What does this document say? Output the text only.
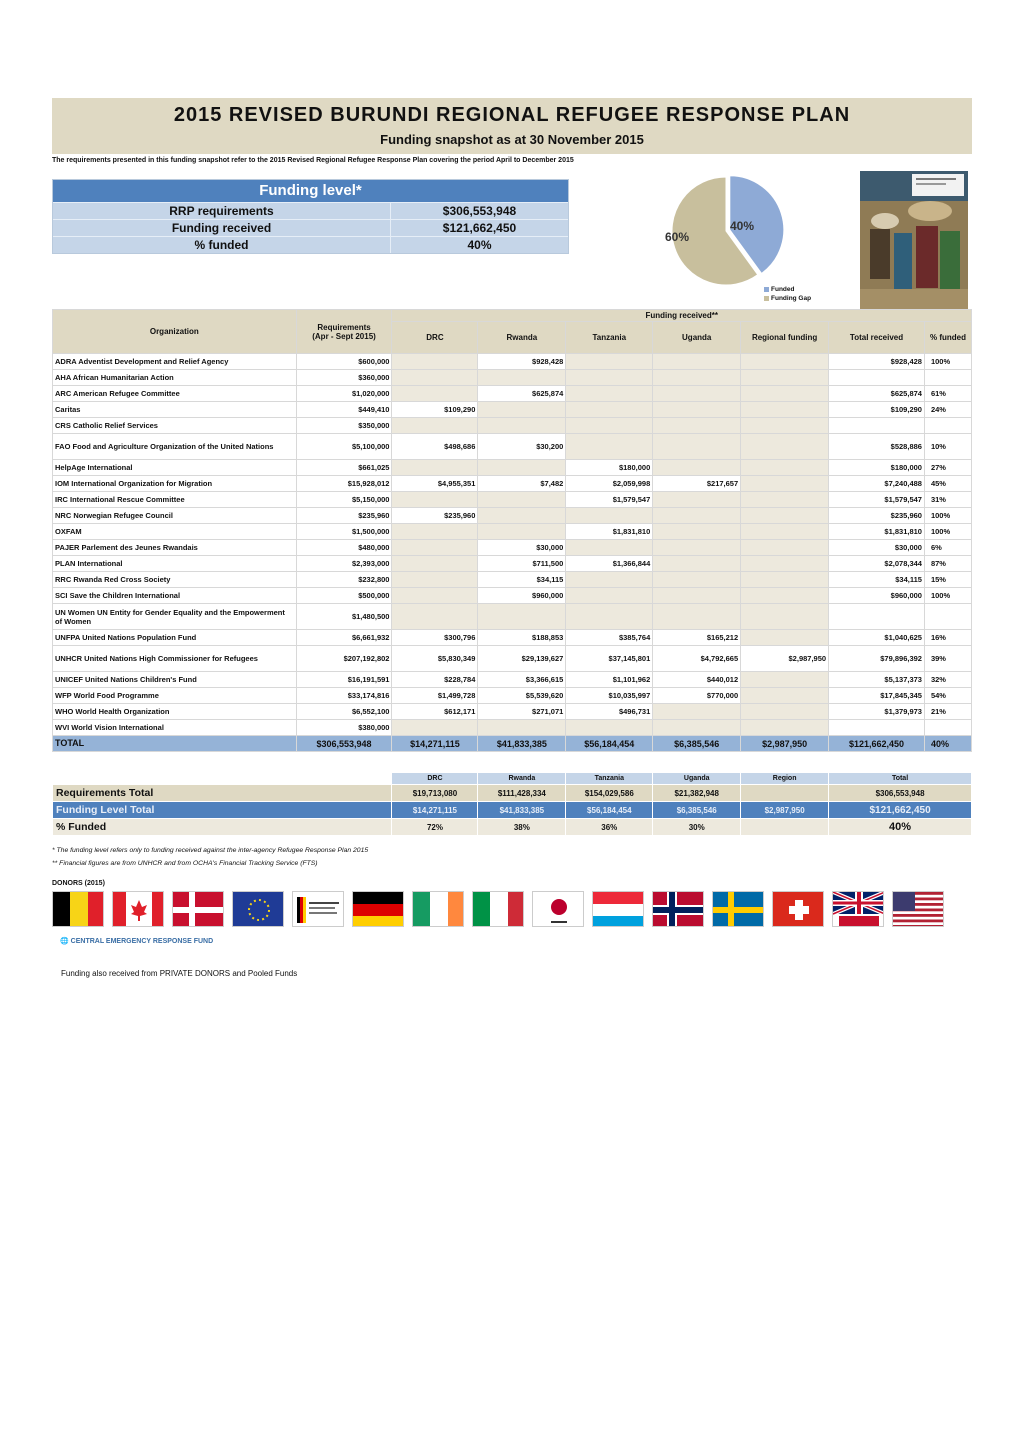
2015 REVISED BURUNDI REGIONAL REFUGEE RESPONSE PLAN
Funding snapshot as at 30 November 2015
The requirements presented in this funding snapshot refer to the 2015 Revised Regional Refugee Response Plan covering the period April to December 2015
Funding level*
RRP requirements	$306,553,948
Funding received	$121,662,450
% funded	40%
40%
60%
Funded
Funding Gap
Organization	Requirements
(Apr - Sept 2015)	Funding received**						
		DRC	Rwanda	Tanzania	Uganda	Regional funding	Total received	% funded
ADRA Adventist Development and Relief Agency	$600,000		$928,428				$928,428	100%
AHA African Humanitarian Action	$360,000							
ARC American Refugee Committee	$1,020,000		$625,874				$625,874	61%
Caritas	$449,410	$109,290					$109,290	24%
CRS Catholic Relief Services	$350,000							
FAO Food and Agriculture Organization of the United Nations	$5,100,000	$498,686	$30,200				$528,886	10%
HelpAge International	$661,025			$180,000			$180,000	27%
IOM International Organization for Migration	$15,928,012	$4,955,351	$7,482	$2,059,998	$217,657		$7,240,488	45%
IRC International Rescue Committee	$5,150,000			$1,579,547			$1,579,547	31%
NRC Norwegian Refugee Council	$235,960	$235,960					$235,960	100%
OXFAM	$1,500,000			$1,831,810			$1,831,810	100%
PAJER Parlement des Jeunes Rwandais	$480,000		$30,000				$30,000	6%
PLAN International	$2,393,000		$711,500	$1,366,844			$2,078,344	87%
RRC Rwanda Red Cross Society	$232,800		$34,115				$34,115	15%
SCI Save the Children International	$500,000		$960,000				$960,000	100%
UN Women UN Entity for Gender Equality and the Empowerment of Women	$1,480,500							
UNFPA United Nations Population Fund	$6,661,932	$300,796	$188,853	$385,764	$165,212		$1,040,625	16%
UNHCR United Nations High Commissioner for Refugees	$207,192,802	$5,830,349	$29,139,627	$37,145,801	$4,792,665	$2,987,950	$79,896,392	39%
UNICEF United Nations Children's Fund	$16,191,591	$228,784	$3,366,615	$1,101,962	$440,012		$5,137,373	32%
WFP World Food Programme	$33,174,816	$1,499,728	$5,539,620	$10,035,997	$770,000		$17,845,345	54%
WHO World Health Organization	$6,552,100	$612,171	$271,071	$496,731			$1,379,973	21%
WVI World Vision International	$380,000							
TOTAL	$306,553,948	$14,271,115	$41,833,385	$56,184,454	$6,385,546	$2,987,950	$121,662,450	40%
	DRC	Rwanda	Tanzania	Uganda	Region	Total
Requirements Total	$19,713,080	$111,428,334	$154,029,586	$21,382,948		$306,553,948
Funding Level Total	$14,271,115	$41,833,385	$56,184,454	$6,385,546	$2,987,950	$121,662,450
% Funded	72%	38%	36%	30%		40%
* The funding level refers only to funding received against the inter-agency Refugee Response Plan 2015
** Financial figures are from UNHCR and from OCHA's Financial Tracking Service (FTS)
DONORS (2015)
🌐 CENTRAL EMERGENCY RESPONSE FUND
Funding also received from PRIVATE DONORS and Pooled Funds
